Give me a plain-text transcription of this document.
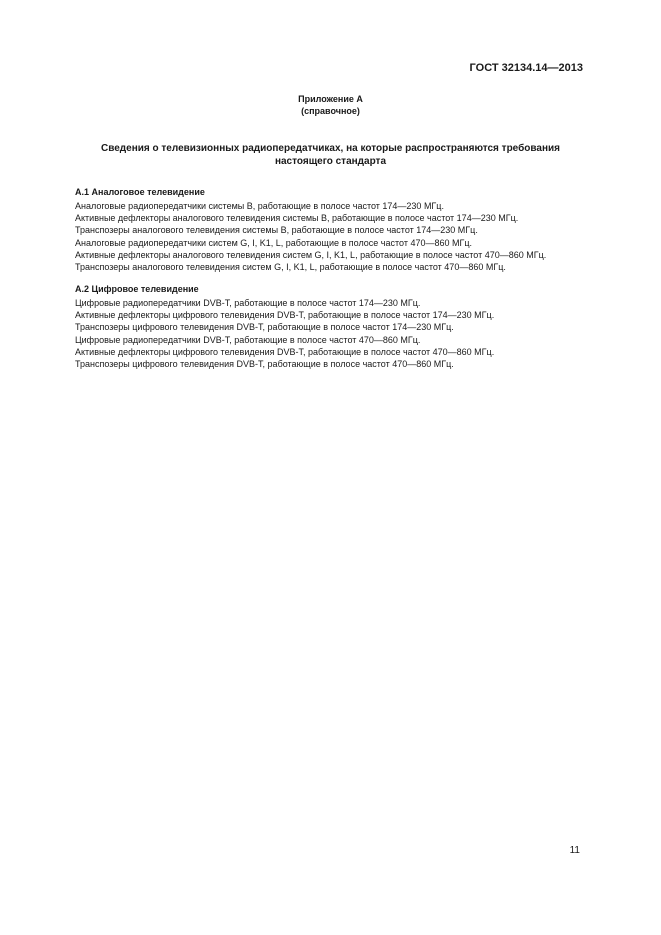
ГОСТ 32134.14—2013
Приложение А
(справочное)
Сведения о телевизионных радиопередатчиках, на которые распространяются требования
настоящего стандарта
А.1 Аналоговое телевидение
Аналоговые радиопередатчики системы В, работающие в полосе частот 174—230 МГц.
Активные дефлекторы аналогового телевидения системы В, работающие в полосе частот 174—230 МГц.
Транспозеры аналогового телевидения системы В, работающие в полосе частот 174—230 МГц.
Аналоговые радиопередатчики систем G, I, K1, L, работающие в полосе частот 470—860 МГц.
Активные дефлекторы аналогового телевидения систем G, I, K1, L, работающие в полосе частот 470—860 МГц.
Транспозеры аналогового телевидения систем G, I, K1, L, работающие в полосе частот 470—860 МГц.
А.2 Цифровое телевидение
Цифровые радиопередатчики DVB-T, работающие в полосе частот 174—230 МГц.
Активные дефлекторы цифрового телевидения DVB-T, работающие в полосе частот 174—230 МГц.
Транспозеры цифрового телевидения DVB-T, работающие в полосе частот 174—230 МГц.
Цифровые радиопередатчики DVB-T, работающие в полосе частот 470—860 МГц.
Активные дефлекторы цифрового телевидения DVB-T, работающие в полосе частот 470—860 МГц.
Транспозеры цифрового телевидения DVB-T, работающие в полосе частот 470—860 МГц.
11
